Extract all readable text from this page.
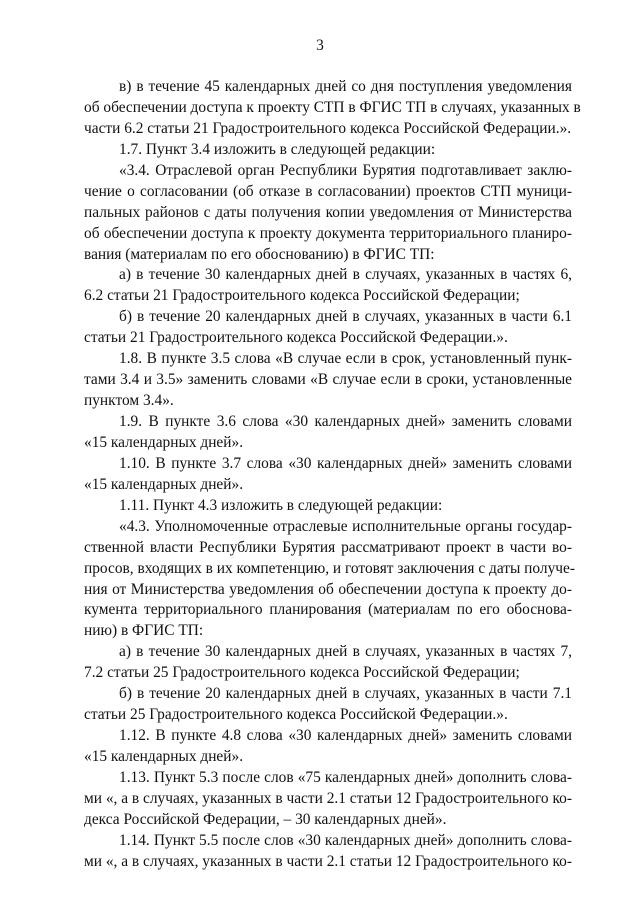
3
в) в течение 45 календарных дней со дня поступления уведомления
об обеспечении доступа к проекту СТП в ФГИС ТП в случаях, указанных в
части 6.2 статьи 21 Градостроительного кодекса Российской Федерации.».
1.7. Пункт 3.4 изложить в следующей редакции:
«3.4. Отраслевой орган Республики Бурятия подготавливает заклю-
чение о согласовании (об отказе в согласовании) проектов СТП муници-
пальных районов с даты получения копии уведомления от Министерства
об обеспечении доступа к проекту документа территориального планиро-
вания (материалам по его обоснованию) в ФГИС ТП:
а) в течение 30 календарных дней в случаях, указанных в частях 6,
6.2 статьи 21 Градостроительного кодекса Российской Федерации;
б) в течение 20 календарных дней в случаях, указанных в части 6.1
статьи 21 Градостроительного кодекса Российской Федерации.».
1.8. В пункте 3.5 слова «В случае если в срок, установленный пунк-
тами 3.4 и 3.5» заменить словами «В случае если в сроки, установленные
пунктом 3.4».
1.9. В пункте 3.6 слова «30 календарных дней» заменить словами
«15 календарных дней».
1.10. В пункте 3.7 слова «30 календарных дней» заменить словами
«15 календарных дней».
1.11. Пункт 4.3 изложить в следующей редакции:
«4.3. Уполномоченные отраслевые исполнительные органы государ-
ственной власти Республики Бурятия рассматривают проект в части во-
просов, входящих в их компетенцию, и готовят заключения с даты получе-
ния от Министерства уведомления об обеспечении доступа к проекту до-
кумента территориального планирования (материалам по его обоснова-
нию) в ФГИС ТП:
а) в течение 30 календарных дней в случаях, указанных в частях 7,
7.2 статьи 25 Градостроительного кодекса Российской Федерации;
б) в течение 20 календарных дней в случаях, указанных в части 7.1
статьи 25 Градостроительного кодекса Российской Федерации.».
1.12. В пункте 4.8 слова «30 календарных дней» заменить словами
«15 календарных дней».
1.13. Пункт 5.3 после слов «75 календарных дней» дополнить слова-
ми «, а в случаях, указанных в части 2.1 статьи 12 Градостроительного ко-
декса Российской Федерации, – 30 календарных дней».
1.14. Пункт 5.5 после слов «30 календарных дней» дополнить слова-
ми «, а в случаях, указанных в части 2.1 статьи 12 Градостроительного ко-
